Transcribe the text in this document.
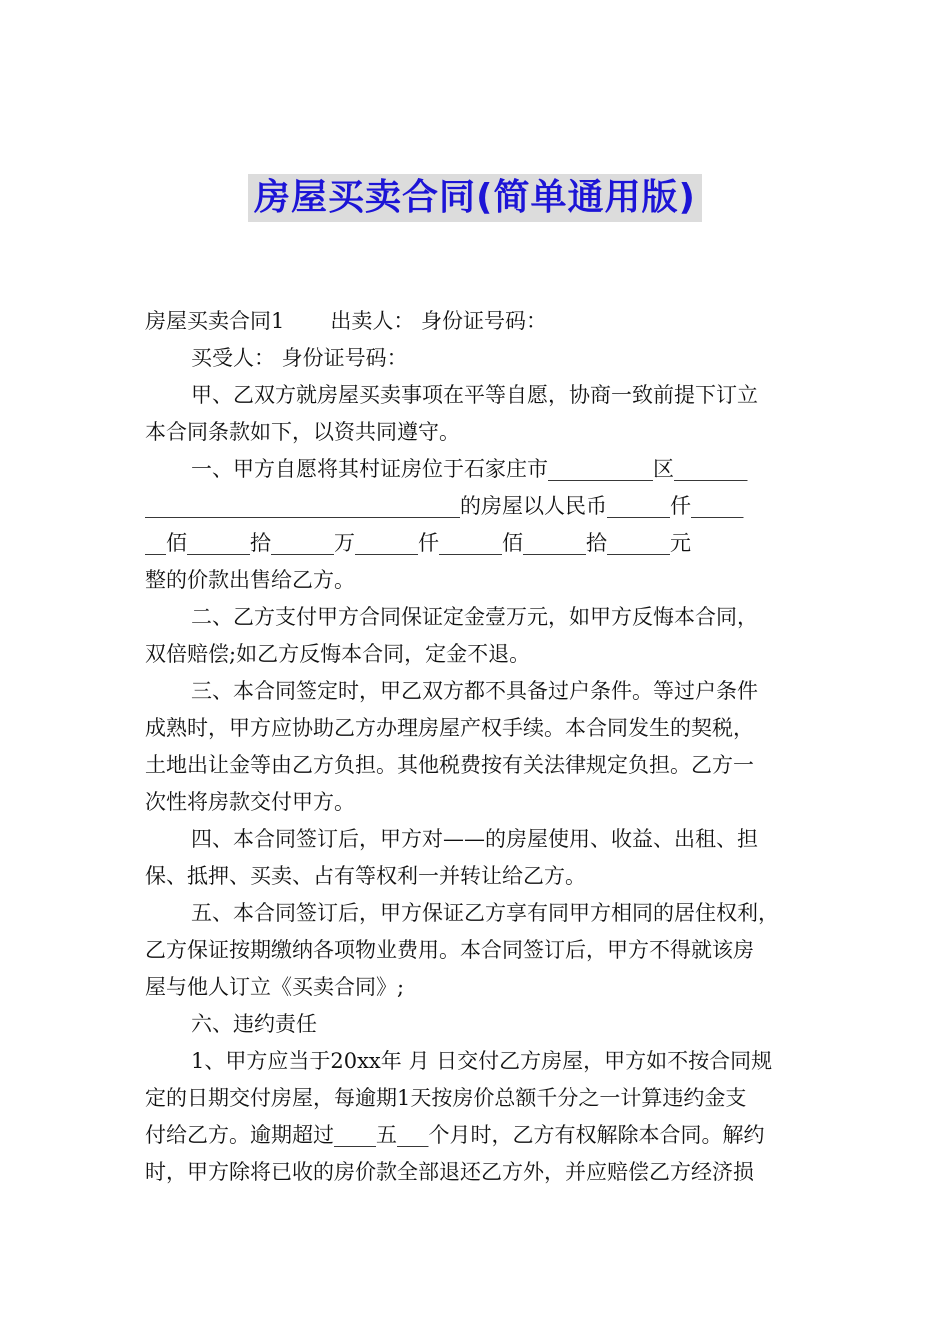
房屋买卖合同(简单通用版)
房屋买卖合同1 出卖人： 身份证号码：
买受人： 身份证号码：
甲、乙双方就房屋买卖事项在平等自愿，协商一致前提下订立
本合同条款如下，以资共同遵守。
一、甲方自愿将其村证房位于石家庄市__________区_______
______________________________的房屋以人民币______仟_____
__佰______拾______万______仟______佰______拾______元
整的价款出售给乙方。
二、乙方支付甲方合同保证定金壹万元，如甲方反悔本合同，
双倍赔偿;如乙方反悔本合同，定金不退。
三、本合同签定时，甲乙双方都不具备过户条件。等过户条件
成熟时，甲方应协助乙方办理房屋产权手续。本合同发生的契税，
土地出让金等由乙方负担。其他税费按有关法律规定负担。乙方一
次性将房款交付甲方。
四、本合同签订后，甲方对——的房屋使用、收益、出租、担
保、抵押、买卖、占有等权利一并转让给乙方。
五、本合同签订后，甲方保证乙方享有同甲方相同的居住权利，
乙方保证按期缴纳各项物业费用。本合同签订后，甲方不得就该房
屋与他人订立《买卖合同》;
六、违约责任
1、甲方应当于20xx年 月 日交付乙方房屋，甲方如不按合同规
定的日期交付房屋，每逾期1天按房价总额千分之一计算违约金支
付给乙方。逾期超过____五___个月时，乙方有权解除本合同。解约
时，甲方除将已收的房价款全部退还乙方外，并应赔偿乙方经济损
